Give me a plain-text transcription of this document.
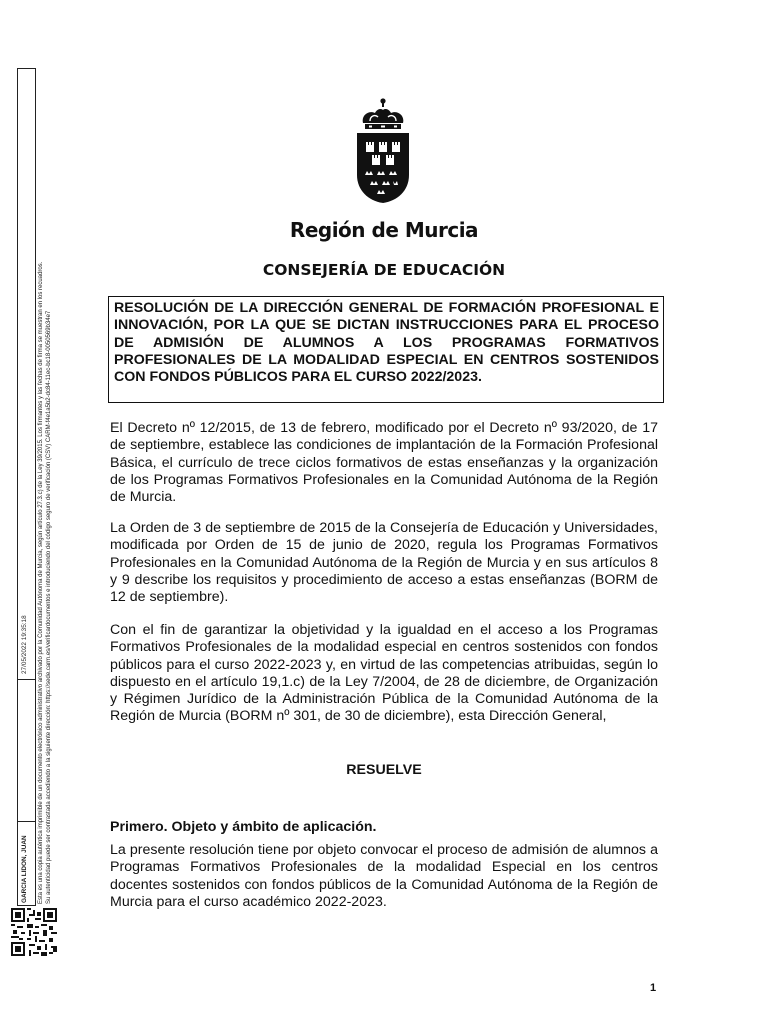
GARCIA LIDON, JUAN
27/05/2022 19:35:18 Esta es una copia auténtica imprimible de un documento electrónico administrativo archivado por la Comunidad Autónoma de Murcia, según artículo 27.3.c) de la Ley 39/2015. Los firmantes y las fechas de firma se muestran en los recuadros. Su autenticidad puede ser contrastada accediendo a la siguiente dirección: https://sede.carm.es/verificardocumentos e introduciendo del código seguro de verificación (CSV) CARM-f4e1a5b2-dc84-11ec-bc18-0050569b34e7
Región de Murcia
CONSEJERÍA DE EDUCACIÓN
RESOLUCIÓN DE LA DIRECCIÓN GENERAL DE FORMACIÓN PROFESIONAL E INNOVACIÓN, POR LA QUE SE DICTAN INSTRUCCIONES PARA EL PROCESO DE ADMISIÓN DE ALUMNOS A LOS PROGRAMAS FORMATIVOS PROFESIONALES DE LA MODALIDAD ESPECIAL EN CENTROS SOSTENIDOS CON FONDOS PÚBLICOS PARA EL CURSO 2022/2023.
El Decreto nº 12/2015, de 13 de febrero, modificado por el Decreto nº 93/2020, de 17 de septiembre, establece las condiciones de implantación de la Formación Profesional Básica, el currículo de trece ciclos formativos de estas enseñanzas y la organización de los Programas Formativos Profesionales en la Comunidad Autónoma de la Región de Murcia.
La Orden de 3 de septiembre de 2015 de la Consejería de Educación y Universidades, modificada por Orden de 15 de junio de 2020, regula los Programas Formativos Profesionales en la Comunidad Autónoma de la Región de Murcia y en sus artículos 8 y 9 describe los requisitos y procedimiento de acceso a estas enseñanzas (BORM de 12 de septiembre).
Con el fin de garantizar la objetividad y la igualdad en el acceso a los Programas Formativos Profesionales de la modalidad especial en centros sostenidos con fondos públicos para el curso 2022-2023 y, en virtud de las competencias atribuidas, según lo dispuesto en el artículo 19,1.c) de la Ley 7/2004, de 28 de diciembre, de Organización y Régimen Jurídico de la Administración Pública de la Comunidad Autónoma de la Región de Murcia (BORM nº 301, de 30 de diciembre), esta Dirección General,
RESUELVE
Primero. Objeto y ámbito de aplicación.
La presente resolución tiene por objeto convocar el proceso de admisión de alumnos a Programas Formativos Profesionales de la modalidad Especial en los centros docentes sostenidos con fondos públicos de la Comunidad Autónoma de la Región de Murcia para el curso académico 2022-2023.
1
